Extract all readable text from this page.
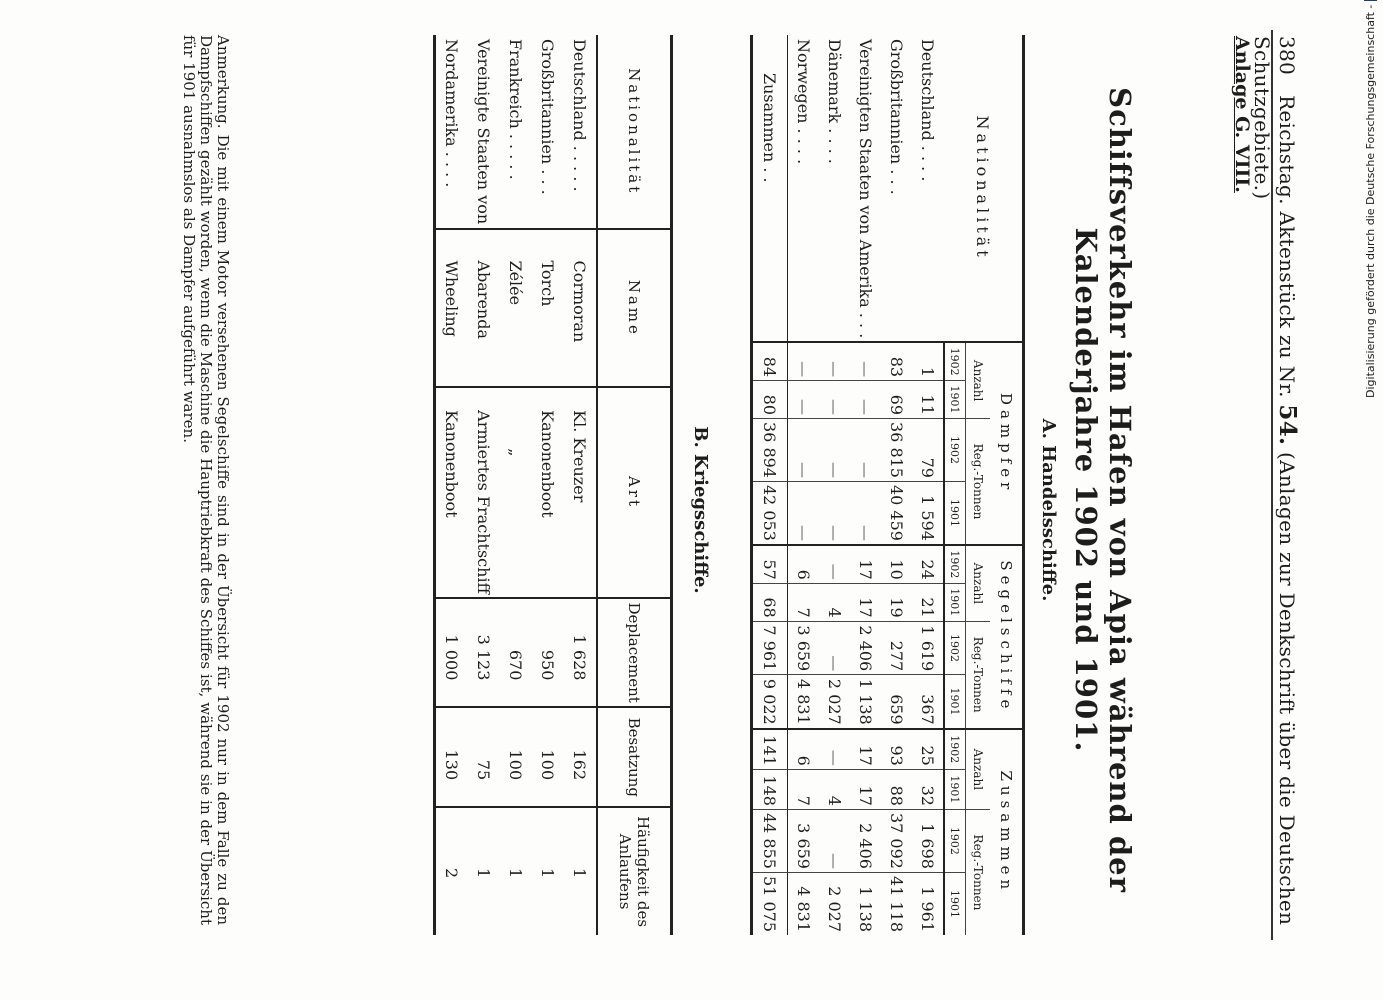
380   Reichstag. Aktenstück zu Nr. 54. (Anlagen zur Denkschrift über die Deutschen Schutzgebiete.)
Anlage G. VIII.
Schiffsverkehr im Hafen von Apia während der Kalenderjahre 1902 und 1901.
A. Handelsschiffe.
Nationalität	Dampfer				Segelschiffe				Zusammen			
	Anzahl		Reg.-Tonnen		Anzahl		Reg.-Tonnen		Anzahl		Reg.-Tonnen	
	1902	1901	1902	1901	1902	1901	1902	1901	1902	1901	1902	1901
Deutschland . . . .	1	11	79	1 594	24	21	1 619	367	25	32	1 698	1 961
Großbritannien . . .	83	69	36 815	40 459	10	19	277	659	93	88	37 092	41 118
Vereinigten Staaten von Amerika . . .	—	—	—	—	17	17	2 406	1 138	17	17	2 406	1 138
Dänemark . . . .	—	—	—	—	—	4	—	2 027	—	4	—	2 027
Norwegen . . . .	—	—	—	—	6	7	3 659	4 831	6	7	3 659	4 831
Zusammen . .	84	80	36 894	42 053	57	68	7 961	9 022	141	148	44 855	51 075
B. Kriegsschiffe.
Nationalität	Name	Art	Deplacement	Besatzung	Häufigkeit des Anlaufens
Deutschland . . . . .	Cormoran	Kl. Kreuzer	1 628	162	1
Großbritannien . . .	Torch	Kanonenboot	950	100	1
Frankreich . . . . .	Zélée	„	670	100	1
Vereinigte Staaten von	Abarenda	Armiertes Frachtschiff	3 123	75	1
Nordamerika . . . .	Wheeling	Kanonenboot	1 000	130	2
Anmerkung. Die mit einem Motor versehenen Segelschiffe sind in der Übersicht für 1902 nur in dem Falle zu den Dampfschiffen gezählt worden, wenn die Maschine die Hauptriebkraft des Schiffes ist, während sie in der Übersicht für 1901 ausnahmslos als Dampfer aufgeführt waren.	Digitalisierung gefördert durch die Deutsche Forschungsgemeinschaft -
